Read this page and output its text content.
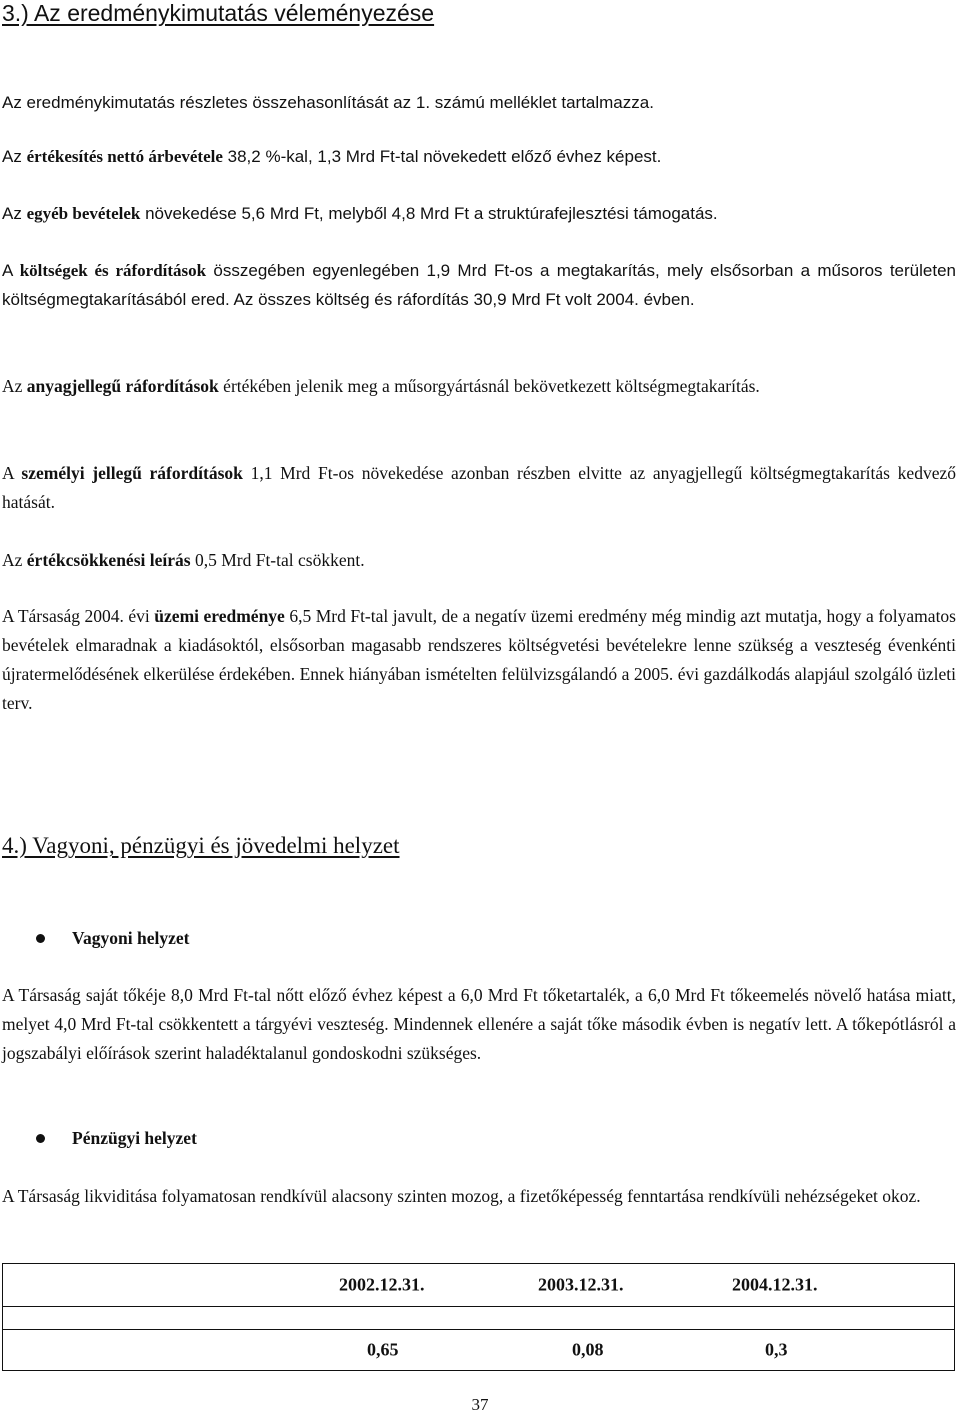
3.) Az eredménykimutatás véleményezése

Az eredménykimutatás részletes összehasonlítását az 1. számú melléklet tartalmazza.

Az értékesítés nettó árbevétele 38,2 %-kal, 1,3 Mrd Ft-tal növekedett előző évhez képest.

Az egyéb bevételek növekedése 5,6 Mrd Ft, melyből 4,8 Mrd Ft a struktúrafejlesztési támogatás.

A költségek és ráfordítások összegében egyenlegében 1,9 Mrd Ft-os a megtakarítás, mely elsősorban a műsoros területen költségmegtakarításából ered. Az összes költség és ráfordítás 30,9 Mrd Ft volt 2004. évben.

Az anyagjellegű ráfordítások értékében jelenik meg a műsorgyártásnál bekövetkezett költségmegtakarítás.

A személyi jellegű ráfordítások 1,1 Mrd Ft-os növekedése azonban részben elvitte az anyagjellegű költségmegtakarítás kedvező hatását.

Az értékcsökkenési leírás 0,5 Mrd Ft-tal csökkent.

A Társaság 2004. évi üzemi eredménye 6,5 Mrd Ft-tal javult, de a negatív üzemi eredmény még mindig azt mutatja, hogy a folyamatos bevételek elmaradnak a kiadásoktól, elsősorban magasabb rendszeres költségvetési bevételekre lenne szükség a veszteség évenkénti újratermelődésének elkerülése érdekében. Ennek hiányában ismételten felülvizsgálandó a 2005. évi gazdálkodás alapjául szolgáló üzleti terv.

4.) Vagyoni, pénzügyi és jövedelmi helyzet
Vagyoni helyzet

A Társaság saját tőkéje 8,0 Mrd Ft-tal nőtt előző évhez képest a 6,0 Mrd Ft tőketartalék, a 6,0 Mrd Ft tőkeemelés növelő hatása miatt, melyet 4,0 Mrd Ft-tal csökkentett a tárgyévi veszteség. Mindennek ellenére a saját tőke második évben is negatív lett. A tőkepótlásról a jogszabályi előírások szerint haladéktalanul gondoskodni szükséges.

Pénzügyi helyzet

A Társaság likviditása folyamatosan rendkívül alacsony szinten mozog, a fizetőképesség fenntartása rendkívüli nehézségeket okoz.

2002.12.31.	2003.12.31.	2004.12.31.

0,65	0,08	0,3
37
